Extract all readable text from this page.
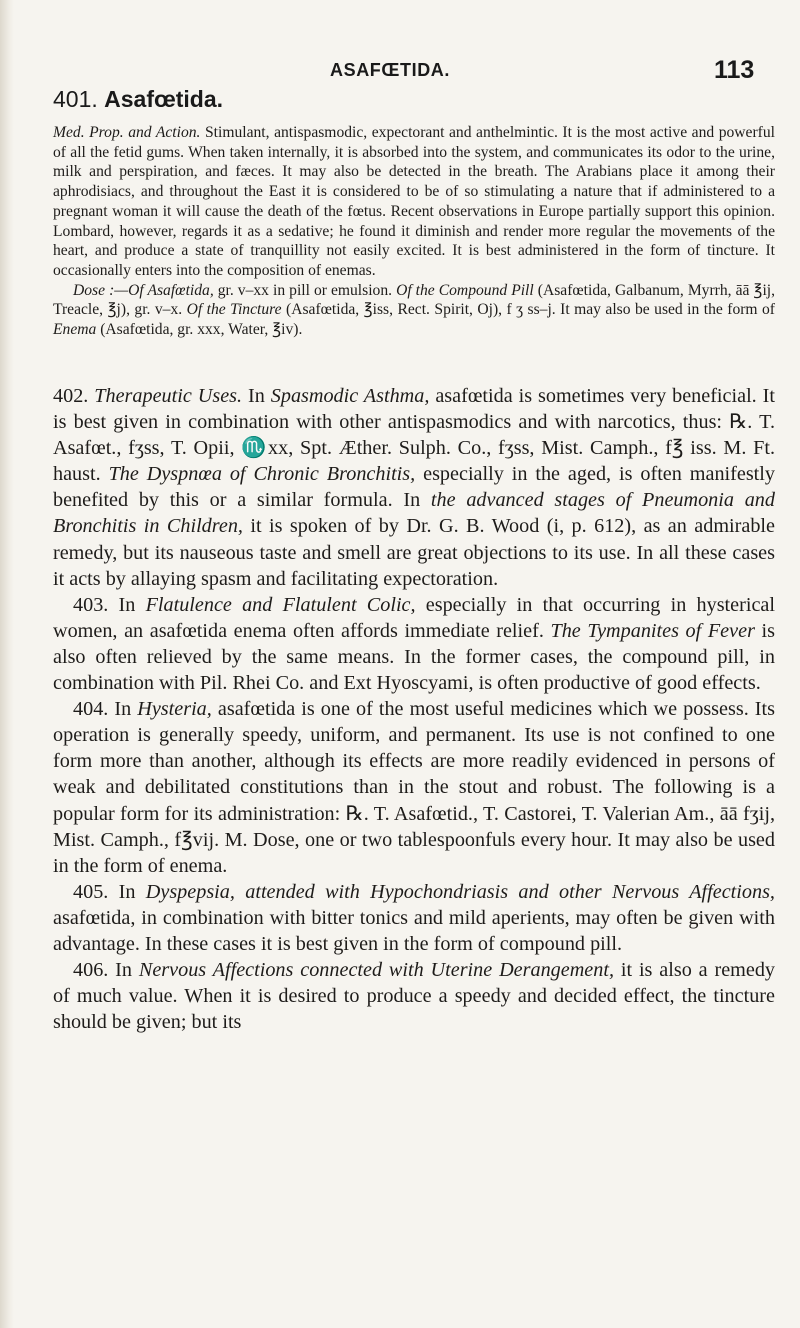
ASAFŒTIDA.	113
401. Asafœtida.

Med. Prop. and Action. Stimulant, antispasmodic, expectorant and anthelmintic. It is the most active and powerful of all the fetid gums. When taken internally, it is absorbed into the system, and communicates its odor to the urine, milk and perspiration, and fæces. It may also be detected in the breath. The Arabians place it among their aphrodisiacs, and throughout the East it is considered to be of so stimulating a nature that if administered to a pregnant woman it will cause the death of the fœtus. Recent observations in Europe partially support this opinion. Lombard, however, regards it as a sedative; he found it diminish and render more regular the movements of the heart, and produce a state of tranquillity not easily excited. It is best administered in the form of tincture. It occasionally enters into the composition of enemas.

Dose :—Of Asafœtida, gr. v–xx in pill or emulsion. Of the Compound Pill (Asafœtida, Galbanum, Myrrh, āā ℥ij, Treacle, ℥j), gr. v–x. Of the Tincture (Asafœtida, ℥iss, Rect. Spirit, Oj), f ʒ ss–j. It may also be used in the form of Enema (Asafœtida, gr. xxx, Water, ℥iv).

402. Therapeutic Uses. In Spasmodic Asthma, asafœtida is sometimes very beneficial. It is best given in combination with other antispasmodics and with narcotics, thus: ℞. T. Asafœt., fʒss, T. Opii, ♏xx, Spt. Æther. Sulph. Co., fʒss, Mist. Camph., f℥ iss. M. Ft. haust. The Dyspnœa of Chronic Bronchitis, especially in the aged, is often manifestly benefited by this or a similar formula. In the advanced stages of Pneumonia and Bronchitis in Children, it is spoken of by Dr. G. B. Wood (i, p. 612), as an admirable remedy, but its nauseous taste and smell are great objections to its use. In all these cases it acts by allaying spasm and facilitating expectoration.

403. In Flatulence and Flatulent Colic, especially in that occurring in hysterical women, an asafœtida enema often affords immediate relief. The Tympanites of Fever is also often relieved by the same means. In the former cases, the compound pill, in combination with Pil. Rhei Co. and Ext Hyoscyami, is often productive of good effects.

404. In Hysteria, asafœtida is one of the most useful medicines which we possess. Its operation is generally speedy, uniform, and permanent. Its use is not confined to one form more than another, although its effects are more readily evidenced in persons of weak and debilitated constitutions than in the stout and robust. The following is a popular form for its administration: ℞. T. Asafœtid., T. Castorei, T. Valerian Am., āā fʒij, Mist. Camph., f℥vij. M. Dose, one or two tablespoonfuls every hour. It may also be used in the form of enema.

405. In Dyspepsia, attended with Hypochondriasis and other Nervous Affections, asafœtida, in combination with bitter tonics and mild aperients, may often be given with advantage. In these cases it is best given in the form of compound pill.

406. In Nervous Affections connected with Uterine Derangement, it is also a remedy of much value. When it is desired to produce a speedy and decided effect, the tincture should be given; but its
